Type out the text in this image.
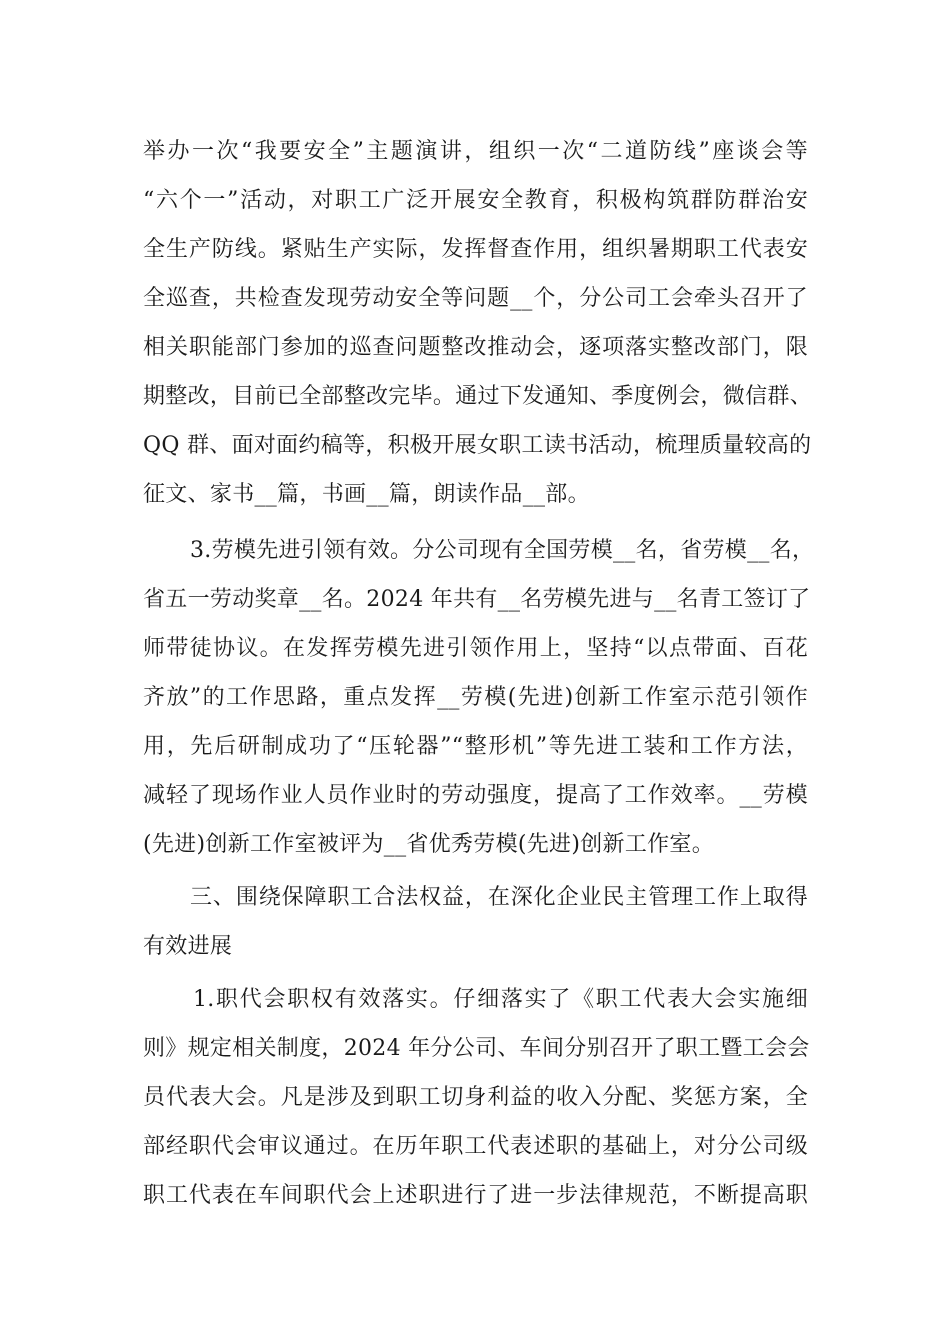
举办一次“我要安全”主题演讲，组织一次“二道防线”座谈会等
“六个一”活动，对职工广泛开展安全教育，积极构筑群防群治安
全生产防线。紧贴生产实际，发挥督查作用，组织暑期职工代表安
全巡查，共检查发现劳动安全等问题__个，分公司工会牵头召开了
相关职能部门参加的巡查问题整改推动会，逐项落实整改部门，限
期整改，目前已全部整改完毕。通过下发通知、季度例会，微信群、
QQ 群、面对面约稿等，积极开展女职工读书活动，梳理质量较高的
征文、家书__篇，书画__篇，朗读作品__部。
3.劳模先进引领有效。分公司现有全国劳模__名，省劳模__名，
省五一劳动奖章__名。2024 年共有__名劳模先进与__名青工签订了
师带徒协议。在发挥劳模先进引领作用上，坚持“以点带面、百花
齐放”的工作思路，重点发挥__劳模(先进)创新工作室示范引领作
用，先后研制成功了“压轮器”“整形机”等先进工装和工作方法，
减轻了现场作业人员作业时的劳动强度，提高了工作效率。__劳模
(先进)创新工作室被评为__省优秀劳模(先进)创新工作室。
三、围绕保障职工合法权益，在深化企业民主管理工作上取得
有效进展
1.职代会职权有效落实。仔细落实了《职工代表大会实施细
则》规定相关制度，2024 年分公司、车间分别召开了职工暨工会会
员代表大会。凡是涉及到职工切身利益的收入分配、奖惩方案，全
部经职代会审议通过。在历年职工代表述职的基础上，对分公司级
职工代表在车间职代会上述职进行了进一步法律规范，不断提高职
